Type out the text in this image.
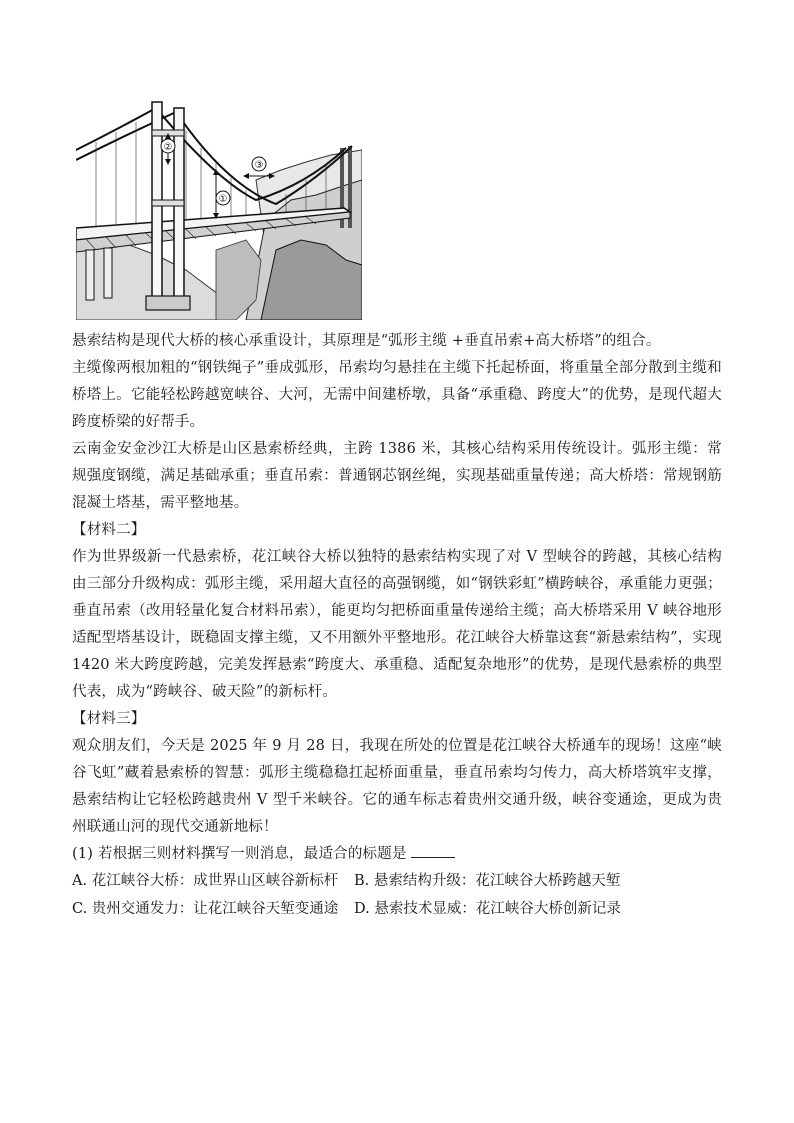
②
①
③

悬索结构是现代大桥的核心承重设计，其原理是“弧形主缆 +垂直吊索+高大桥塔”的组合。

主缆像两根加粗的“钢铁绳子”垂成弧形，吊索均匀悬挂在主缆下托起桥面，将重量全部分散到主缆和桥塔上。它能轻松跨越宽峡谷、大河，无需中间建桥墩，具备“承重稳、跨度大”的优势，是现代超大跨度桥梁的好帮手。

云南金安金沙江大桥是山区悬索桥经典，主跨 1386 米，其核心结构采用传统设计。弧形主缆：常规强度钢缆，满足基础承重；垂直吊索：普通钢芯钢丝绳，实现基础重量传递；高大桥塔：常规钢筋混凝土塔基，需平整地基。

【材料二】

作为世界级新一代悬索桥，花江峡谷大桥以独特的悬索结构实现了对 V 型峡谷的跨越，其核心结构由三部分升级构成：弧形主缆，采用超大直径的高强钢缆，如“钢铁彩虹”横跨峡谷，承重能力更强；垂直吊索（改用轻量化复合材料吊索），能更均匀把桥面重量传递给主缆；高大桥塔采用 V 峡谷地形适配型塔基设计，既稳固支撑主缆，又不用额外平整地形。花江峡谷大桥靠这套“新悬索结构”，实现 1420 米大跨度跨越，完美发挥悬索“跨度大、承重稳、适配复杂地形”的优势，是现代悬索桥的典型代表，成为“跨峡谷、破天险”的新标杆。

【材料三】

观众朋友们，今天是 2025 年 9 月 28 日，我现在所处的位置是花江峡谷大桥通车的现场！这座“峡谷飞虹”藏着悬索桥的智慧：弧形主缆稳稳扛起桥面重量，垂直吊索均匀传力，高大桥塔筑牢支撑，悬索结构让它轻松跨越贵州 V 型千米峡谷。它的通车标志着贵州交通升级，峡谷变通途，更成为贵州联通山河的现代交通新地标！

(1) 若根据三则材料撰写一则消息，最适合的标题是

A. 花江峡谷大桥：成世界山区峡谷新标杆 B. 悬索结构升级：花江峡谷大桥跨越天堑
C. 贵州交通发力：让花江峡谷天堑变通途 D. 悬索技术显威：花江峡谷大桥创新记录
